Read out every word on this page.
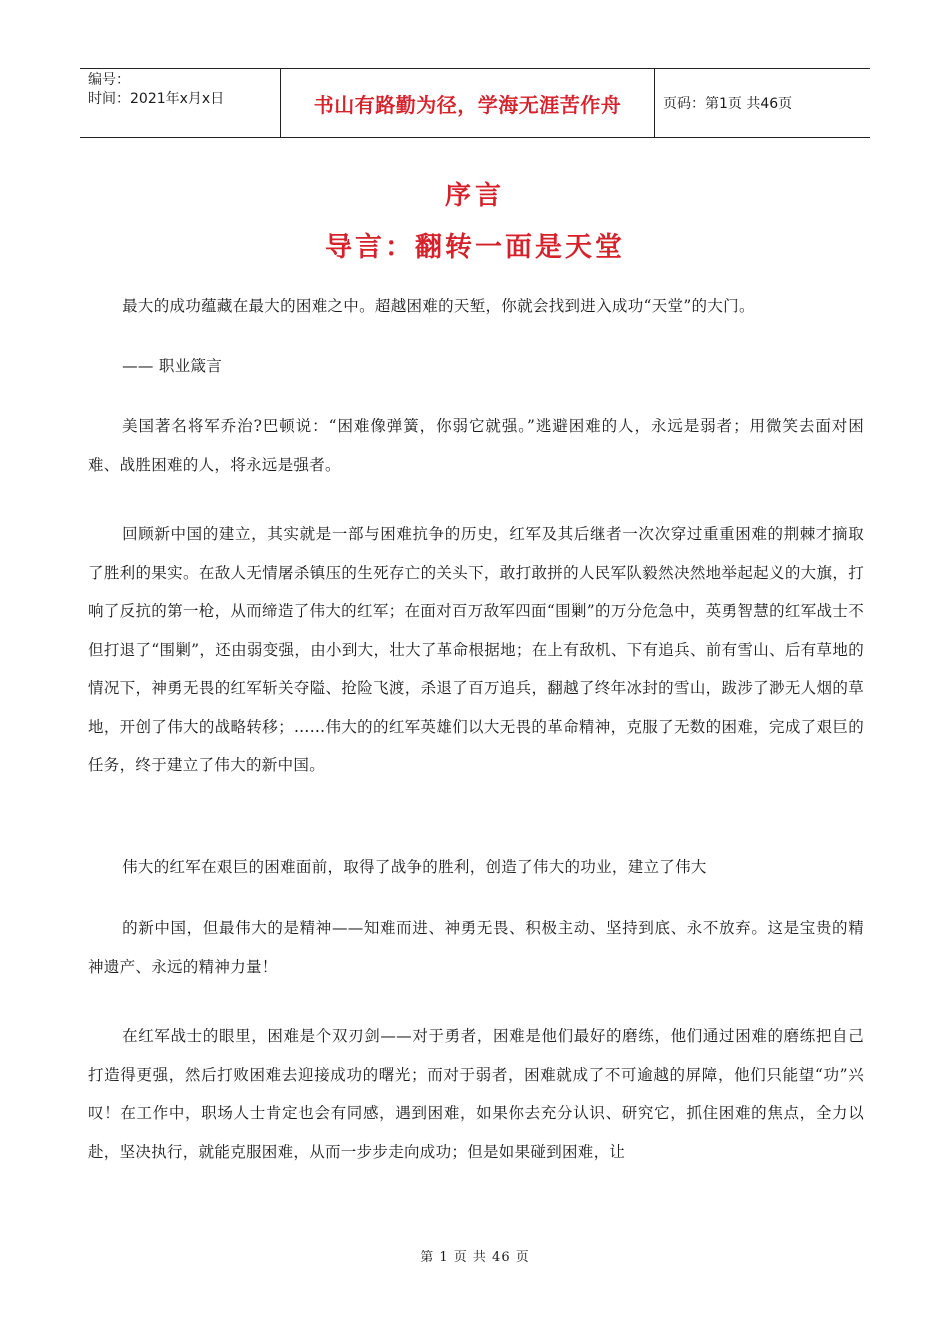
编号：
时间：2021年x月x日	书山有路勤为径，学海无涯苦作舟	页码：第1页 共46页
序言
导言：翻转一面是天堂
最大的成功蕴藏在最大的困难之中。超越困难的天堑，你就会找到进入成功“天堂”的大门。
—— 职业箴言
美国著名将军乔治?巴顿说：“困难像弹簧，你弱它就强。”逃避困难的人，永远是弱者；用微笑去面对困难、战胜困难的人，将永远是强者。
回顾新中国的建立，其实就是一部与困难抗争的历史，红军及其后继者一次次穿过重重困难的荆棘才摘取了胜利的果实。在敌人无情屠杀镇压的生死存亡的关头下，敢打敢拼的人民军队毅然决然地举起起义的大旗，打响了反抗的第一枪，从而缔造了伟大的红军；在面对百万敌军四面“围剿”的万分危急中，英勇智慧的红军战士不但打退了“围剿”，还由弱变强，由小到大，壮大了革命根据地；在上有敌机、下有追兵、前有雪山、后有草地的情况下，神勇无畏的红军斩关夺隘、抢险飞渡，杀退了百万追兵，翻越了终年冰封的雪山，跋涉了渺无人烟的草地，开创了伟大的战略转移；……伟大的的红军英雄们以大无畏的革命精神，克服了无数的困难，完成了艰巨的任务，终于建立了伟大的新中国。
伟大的红军在艰巨的困难面前，取得了战争的胜利，创造了伟大的功业，建立了伟大
的新中国，但最伟大的是精神——知难而进、神勇无畏、积极主动、坚持到底、永不放弃。这是宝贵的精神遗产、永远的精神力量！
在红军战士的眼里，困难是个双刃剑——对于勇者，困难是他们最好的磨练，他们通过困难的磨练把自己打造得更强，然后打败困难去迎接成功的曙光；而对于弱者，困难就成了不可逾越的屏障，他们只能望“功”兴叹！在工作中，职场人士肯定也会有同感，遇到困难，如果你去充分认识、研究它，抓住困难的焦点，全力以赴，坚决执行，就能克服困难，从而一步步走向成功；但是如果碰到困难，让
第 1 页 共 46 页
